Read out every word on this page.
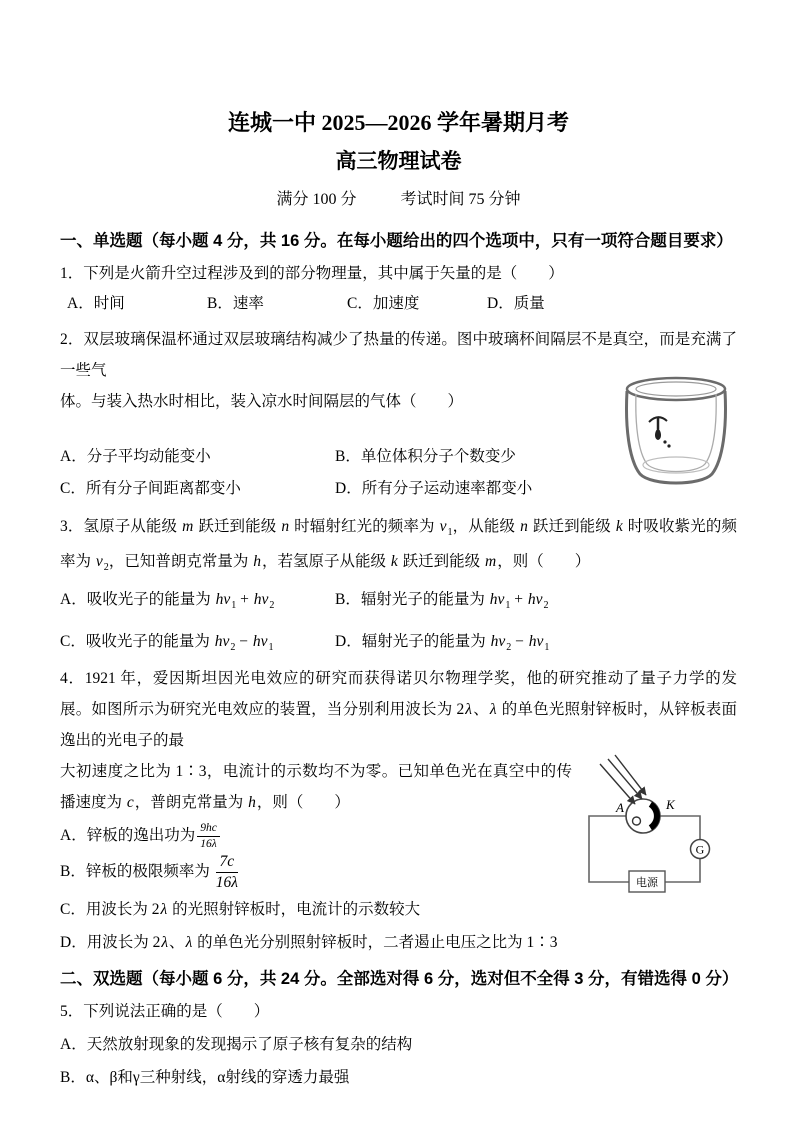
连城一中 2025—2026 学年暑期月考
高三物理试卷

满分 100 分	考试时间 75 分钟

一、单选题（每小题 4 分，共 16 分。在每小题给出的四个选项中，只有一项符合题目要求）

1．下列是火箭升空过程涉及到的部分物理量，其中属于矢量的是（　　）

A．时间	B．速率	C．加速度	D．质量

2．双层玻璃保温杯通过双层玻璃结构减少了热量的传递。图中玻璃杯间隔层不是真空，而是充满了一些气

体。与装入热水时相比，装入凉水时间隔层的气体（　　）

A．分子平均动能变小	B．单位体积分子个数变少
C．所有分子间距离都变小	D．所有分子运动速率都变小

3．氢原子从能级 m 跃迁到能级 n 时辐射红光的频率为 $v_1$，从能级 n 跃迁到能级 k 时吸收紫光的频率为 $v_2$，已知普朗克常量为 h，若氢原子从能级 k 跃迁到能级 m，则（　　）

A．吸收光子的能量为 $hv_1 + hv_2$	B．辐射光子的能量为 $hv_1 + hv_2$
C．吸收光子的能量为 $hv_2 - hv_1$	D．辐射光子的能量为 $hv_2 - hv_1$

4．1921 年，爱因斯坦因光电效应的研究而获得诺贝尔物理学奖，他的研究推动了量子力学的发展。如图所示为研究光电效应的装置，当分别利用波长为 2λ、λ 的单色光照射锌板时，从锌板表面逸出的光电子的最

A	K
G
电源

大初速度之比为 1∶3，电流计的示数均不为零。已知单色光在真空中的传播速度为 c，普朗克常量为 h，则（　　）

A．锌板的逸出功为 $\frac{9hc}{16\lambda}$

B．锌板的极限频率为 $\frac{7c}{16\lambda}$

C．用波长为 2λ 的光照射锌板时，电流计的示数较大

D．用波长为 2λ、λ 的单色光分别照射锌板时，二者遏止电压之比为 1∶3

二、双选题（每小题 6 分，共 24 分。全部选对得 6 分，选对但不全得 3 分，有错选得 0 分）

5．下列说法正确的是（　　）

A．天然放射现象的发现揭示了原子核有复杂的结构

B．α、β和γ三种射线，α射线的穿透力最强
